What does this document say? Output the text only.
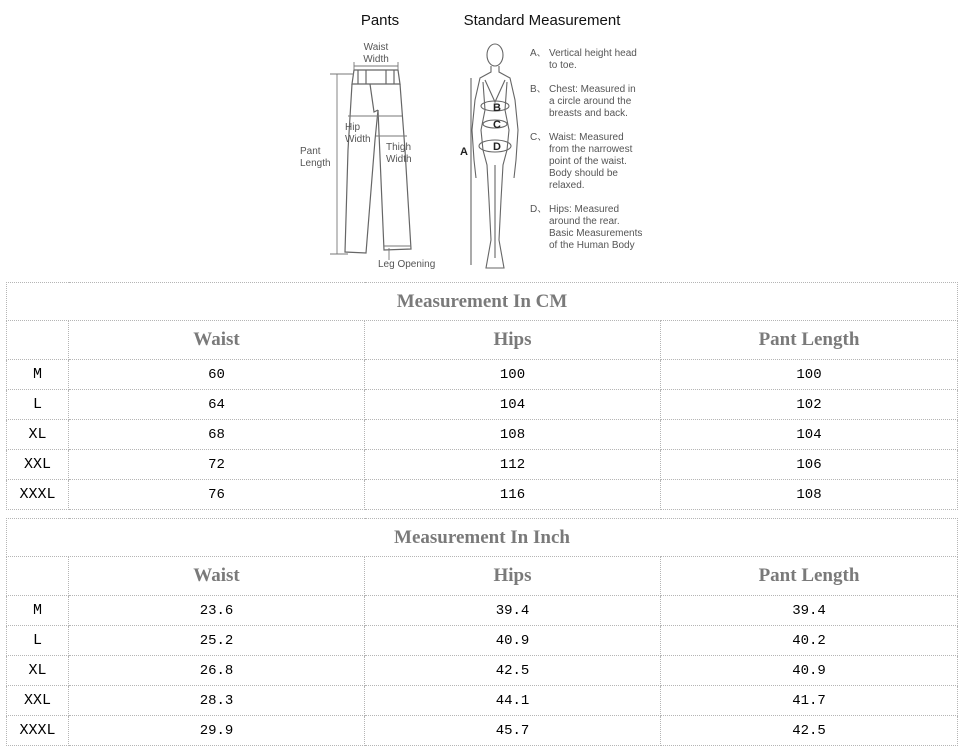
Pants
Waist
Width
Hip
Width
Thigh
Width
Pant
Length
Leg Opening
Standard Measurement
B
C
D
A
A、 Vertical height head
to toe.
B、 Chest: Measured in
a circle around the
breasts and back.
C、 Waist: Measured
from the narrowest
point of the waist.
Body should be
relaxed.
D、 Hips: Measured
around the rear.
Basic Measurements
of the Human Body
Measurement In CM			
	Waist	Hips	Pant Length
M	60	100	100
L	64	104	102
XL	68	108	104
XXL	72	112	106
XXXL	76	116	108
Measurement In Inch			
	Waist	Hips	Pant Length
M	23.6	39.4	39.4
L	25.2	40.9	40.2
XL	26.8	42.5	40.9
XXL	28.3	44.1	41.7
XXXL	29.9	45.7	42.5
